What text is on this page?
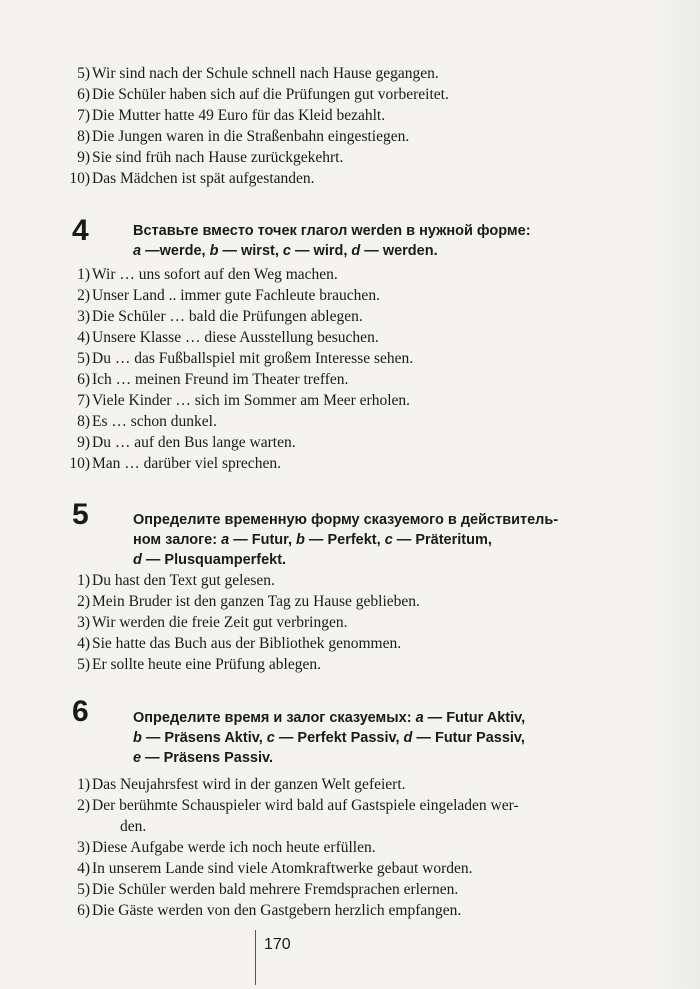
5) Wir sind nach der Schule schnell nach Hause gegangen.
6) Die Schüler haben sich auf die Prüfungen gut vorbereitet.
7) Die Mutter hatte 49 Euro für das Kleid bezahlt.
8) Die Jungen waren in die Straßenbahn eingestiegen.
9) Sie sind früh nach Hause zurückgekehrt.
10) Das Mädchen ist spät aufgestanden.
4	Вставьте вместо точек глагол werden в нужной форме:
a —werde, b — wirst, c — wird, d — werden.
1) Wir … uns sofort auf den Weg machen.
2) Unser Land .. immer gute Fachleute brauchen.
3) Die Schüler … bald die Prüfungen ablegen.
4) Unsere Klasse … diese Ausstellung besuchen.
5) Du … das Fußballspiel mit großem Interesse sehen.
6) Ich … meinen Freund im Theater treffen.
7) Viele Kinder … sich im Sommer am Meer erholen.
8) Es … schon dunkel.
9) Du … auf den Bus lange warten.
10) Man … darüber viel sprechen.
5	Определите временную форму сказуемого в действитель-
ном залоге: a — Futur, b — Perfekt, c — Präteritum,
d — Plusquamperfekt.
1) Du hast den Text gut gelesen.
2) Mein Bruder ist den ganzen Tag zu Hause geblieben.
3) Wir werden die freie Zeit gut verbringen.
4) Sie hatte das Buch aus der Bibliothek genommen.
5) Er sollte heute eine Prüfung ablegen.
6	Определите время и залог сказуемых: a — Futur Aktiv,
b — Präsens Aktiv, c — Perfekt Passiv, d — Futur Passiv,
e — Präsens Passiv.
1) Das Neujahrsfest wird in der ganzen Welt gefeiert.
2) Der berühmte Schauspieler wird bald auf Gastspiele eingeladen wer-
den.
3) Diese Aufgabe werde ich noch heute erfüllen.
4) In unserem Lande sind viele Atomkraftwerke gebaut worden.
5) Die Schüler werden bald mehrere Fremdsprachen erlernen.
6) Die Gäste werden von den Gastgebern herzlich empfangen.
170
